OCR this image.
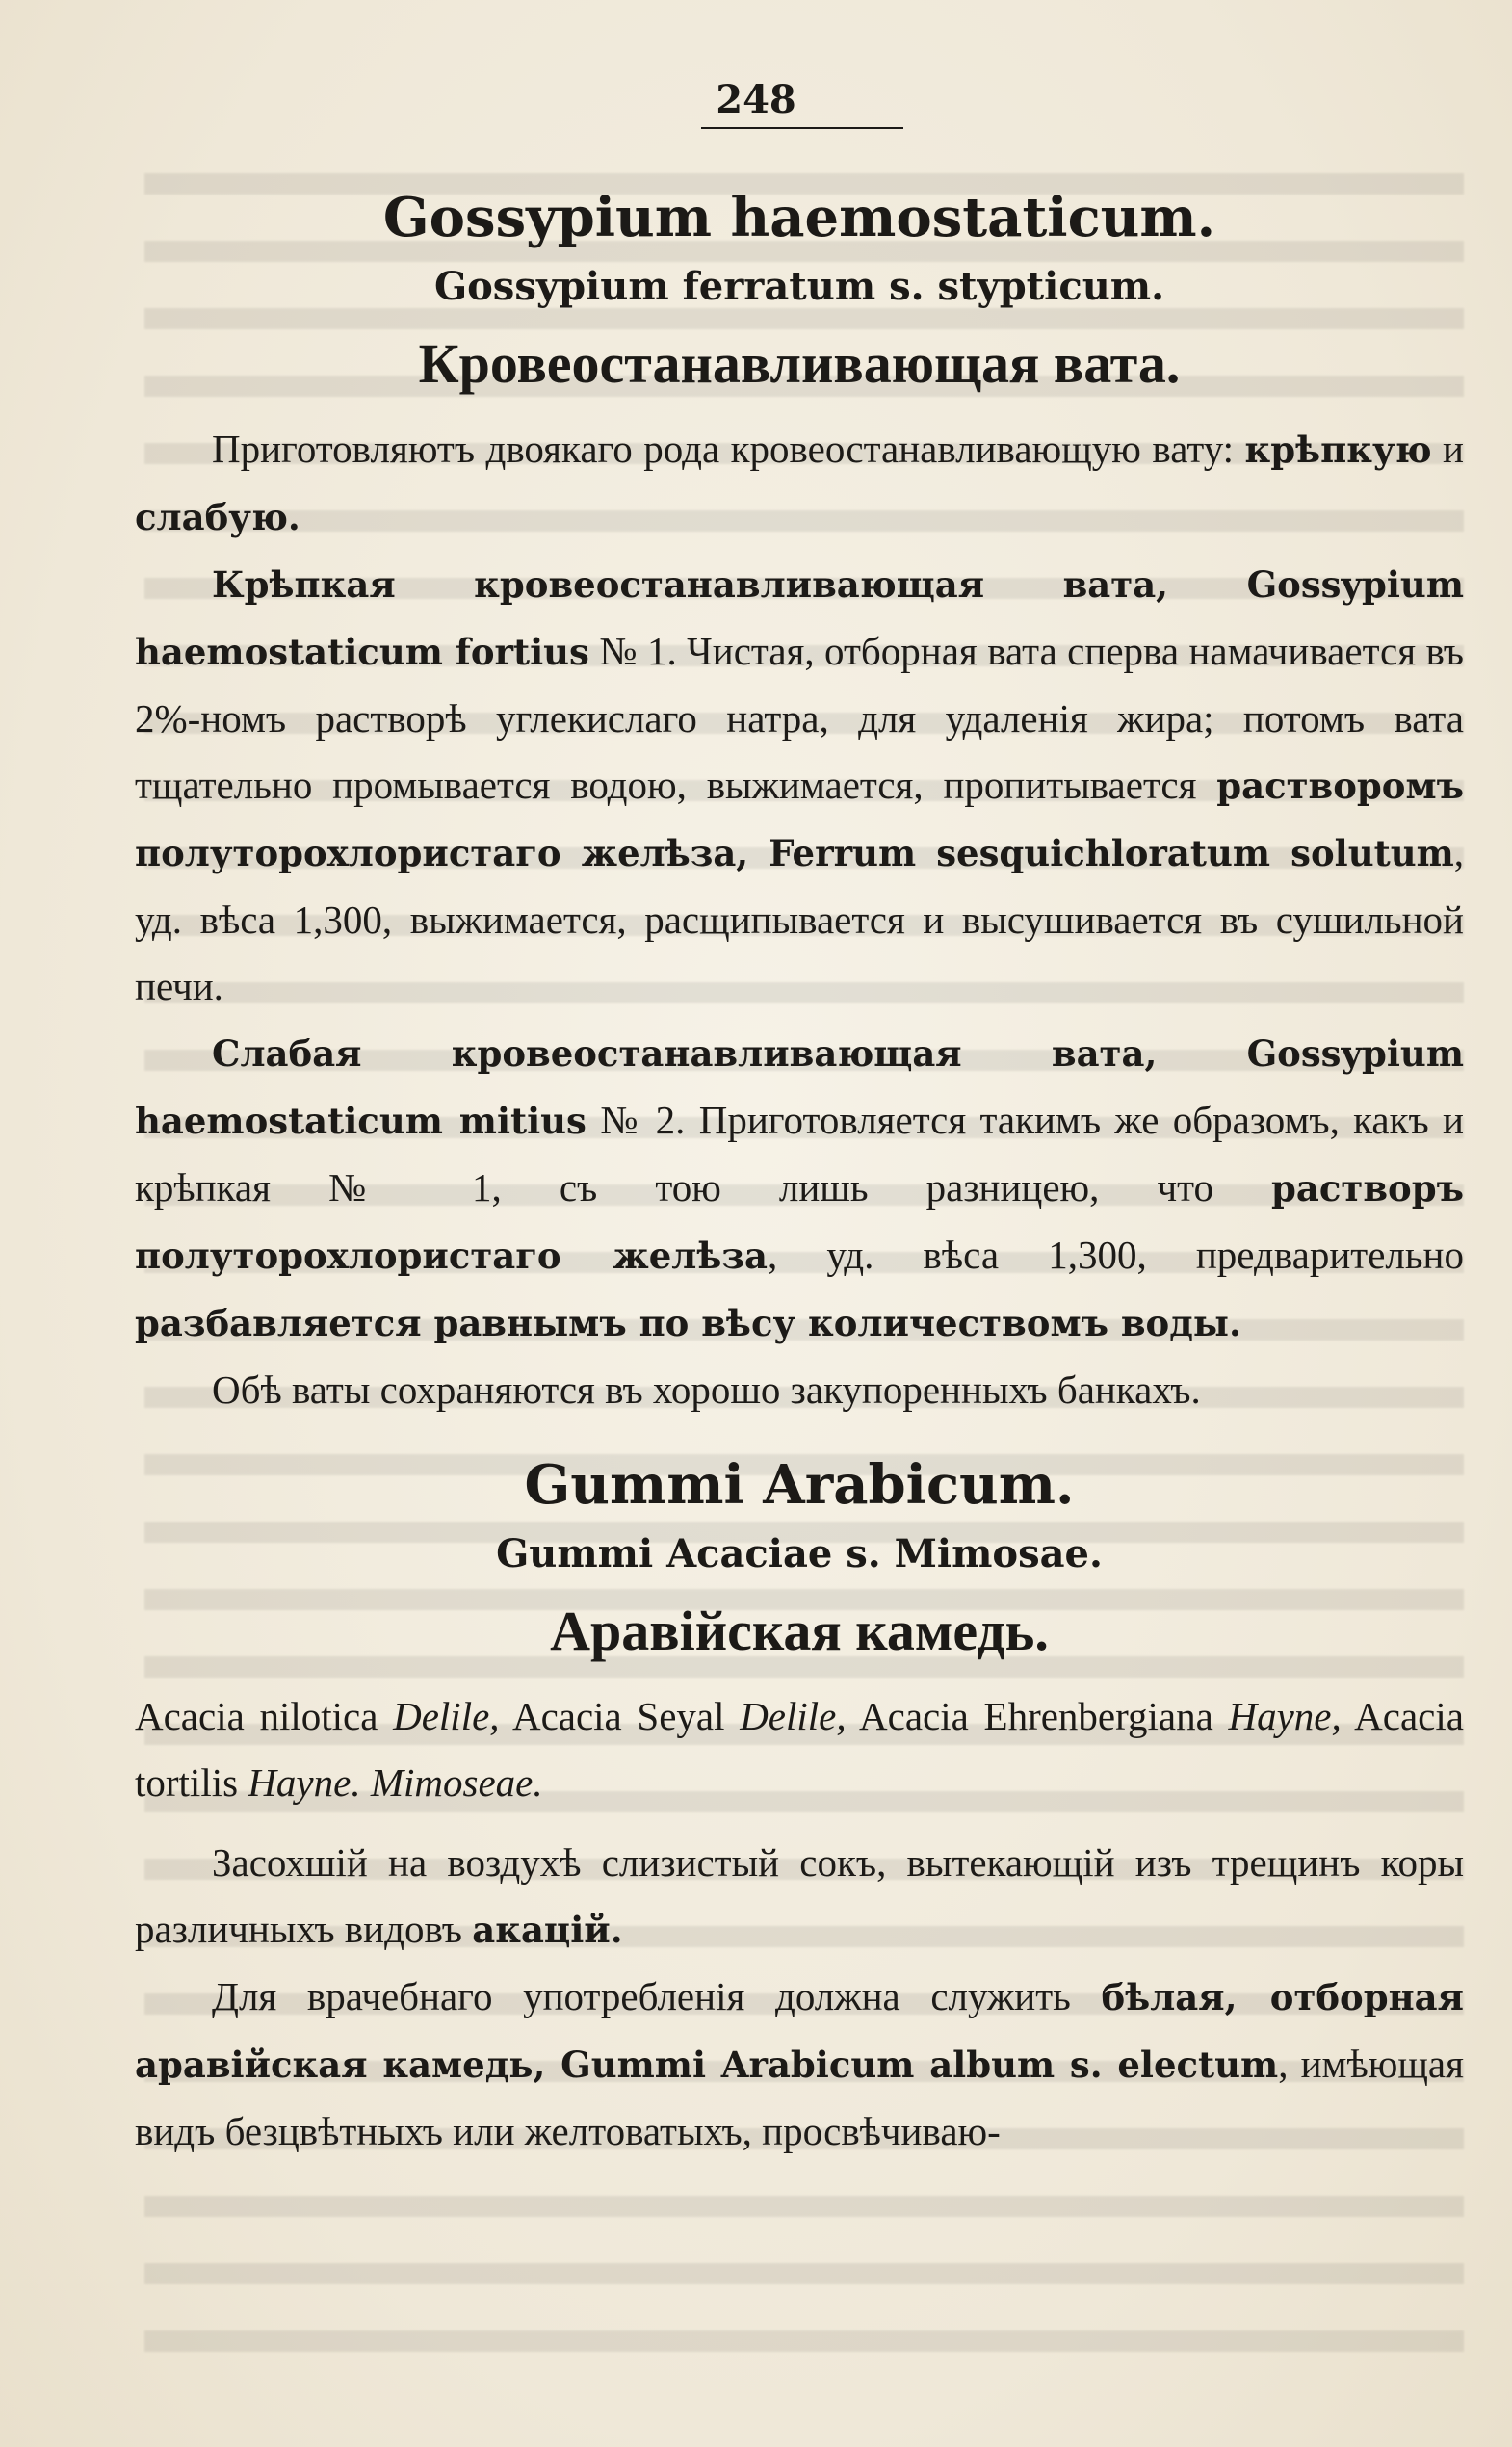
248
Gossypium haemostaticum.
Gossypium ferratum s. stypticum.
Кровеостанавливающая вата.

Приготовляютъ двоякаго рода кровеостанавливающую вату: крѣпкую и слабую.

Крѣпкая кровеостанавливающая вата, Gossypium haemostaticum fortius № 1. Чистая, отборная вата сперва намачивается въ 2%-номъ растворѣ углекислаго натра, для удаленія жира; потомъ вата тщательно промывается водою, выжимается, пропитывается растворомъ полуторохлористаго желѣза, Ferrum sesquichloratum solutum, уд. вѣса 1,300, выжимается, расщипывается и высушивается въ сушильной печи.

Слабая кровеостанавливающая вата, Gossypium haemostaticum mitius № 2. Приготовляется такимъ же образомъ, какъ и крѣпкая № 1, съ тою лишь разницею, что растворъ полуторохлористаго желѣза, уд. вѣса 1,300, предварительно разбавляется равнымъ по вѣсу количествомъ воды.

Обѣ ваты сохраняются въ хорошо закупоренныхъ банкахъ.

Gummi Arabicum.
Gummi Acaciae s. Mimosae.
Аравійская камедь.

Acacia nilotica Delile, Acacia Seyal Delile, Acacia Ehrenbergiana Hayne, Acacia tortilis Hayne. Mimoseae.

Засохшій на воздухѣ слизистый сокъ, вытекающій изъ трещинъ коры различныхъ видовъ акацій.

Для врачебнаго употребленія должна служить бѣлая, отборная аравійская камедь, Gummi Arabicum album s. electum, имѣющая видъ безцвѣтныхъ или желтоватыхъ, просвѣчиваю-
